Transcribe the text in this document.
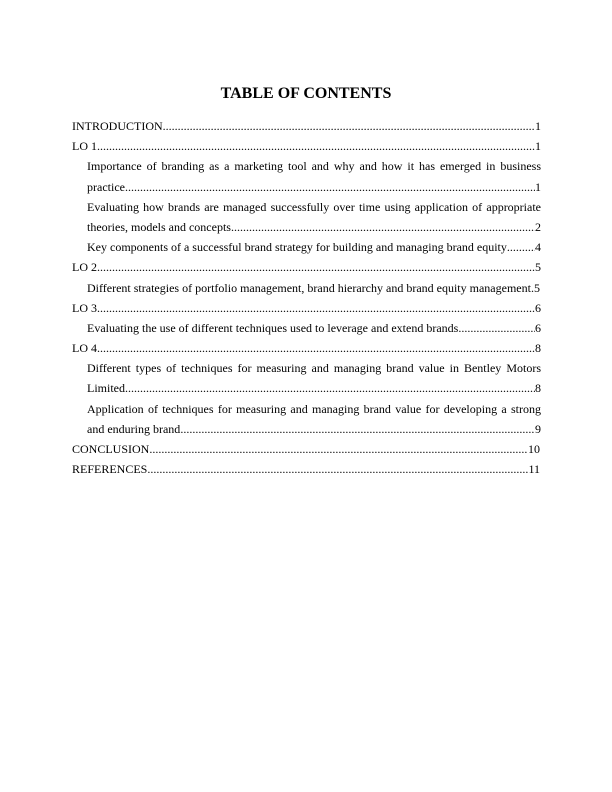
TABLE OF CONTENTS
INTRODUCTION .....	1
LO 1 .....	1
Importance of branding as a marketing tool and why and how it has emerged in business
practice .....	1
Evaluating how brands are managed successfully over time using application of appropriate
theories, models and concepts .....	2
Key components of a successful brand strategy for building and managing brand equity ..... 4
LO 2 .....	5
Different strategies of portfolio management, brand hierarchy and brand equity management. 5
LO 3 .....	6
Evaluating the use of different techniques used to leverage and extend brands .....	6
LO 4 .....	8
Different types of techniques for measuring and managing brand value in Bentley Motors
Limited .....	8
Application of techniques for measuring and managing brand value for developing a strong
and enduring brand .....	9
CONCLUSION .....	10
REFERENCES .....	11
